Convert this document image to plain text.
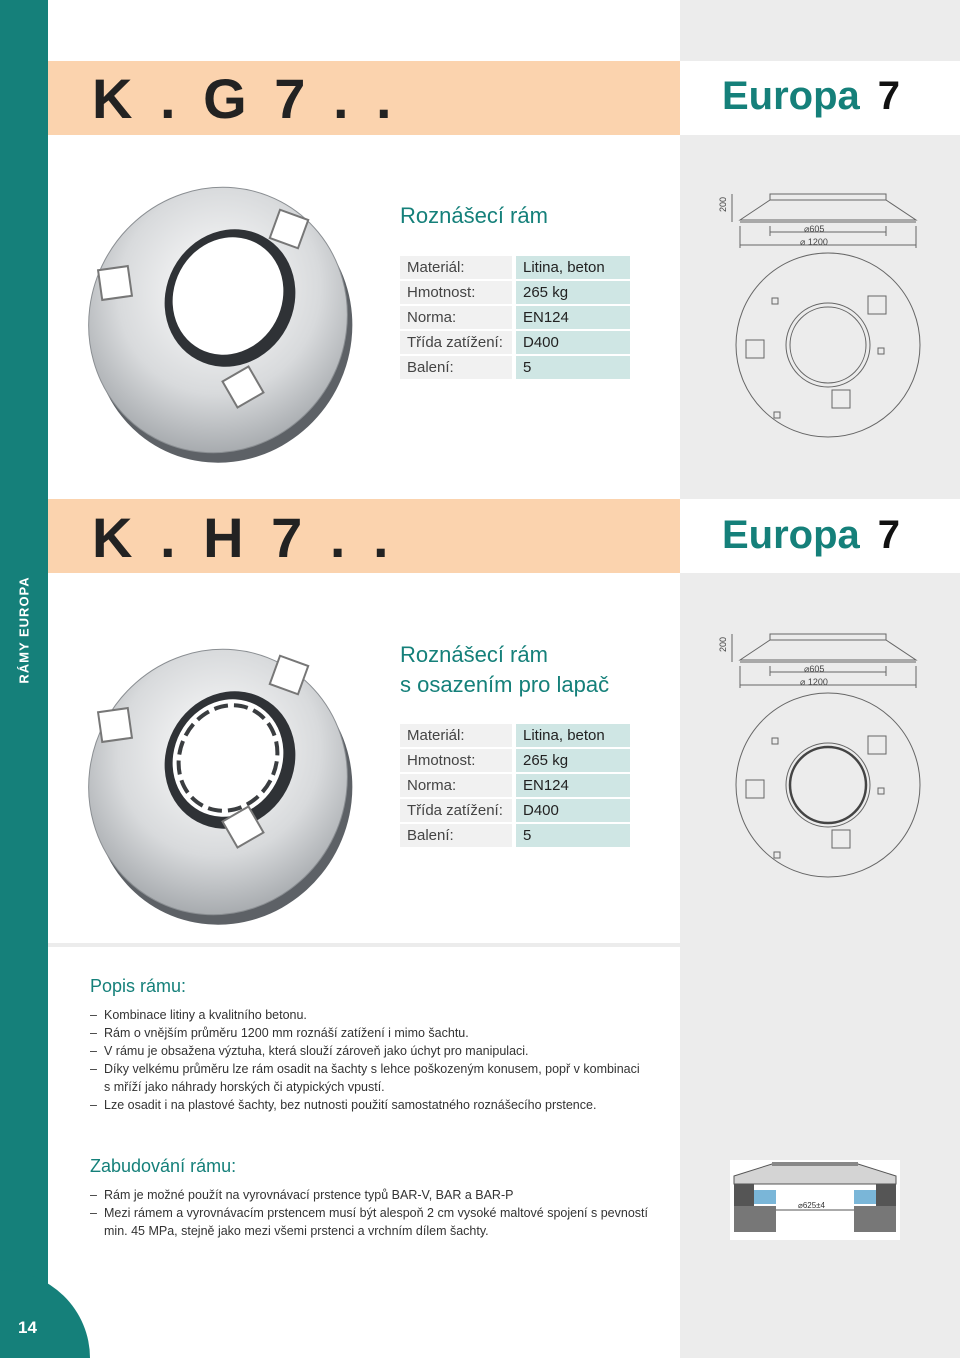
RÁMY EUROPA
14
K . G 7 . .	Europa 7
Roznášecí rám
Materiál:	Litina, beton
Hmotnost:	265 kg
Norma:	EN124
Třída zatížení:	D400
Balení:	5
200
⌀605
⌀ 1200
K . H 7 . .	Europa 7
Roznášecí rám
s osazením pro lapač
Materiál:	Litina, beton
Hmotnost:	265 kg
Norma:	EN124
Třída zatížení:	D400
Balení:	5
200
⌀605
⌀ 1200
Popis rámu:
– Kombinace litiny a kvalitního betonu.
– Rám o vnějším průměru 1200 mm roznáší zatížení i mimo šachtu.
– V rámu je obsažena výztuha, která slouží zároveň jako úchyt pro manipulaci.
– Díky velkému průměru lze rám osadit na šachty s lehce poškozeným konusem, popř v kombinaci
s mříží jako náhrady horských či atypických vpustí.
– Lze osadit i na plastové šachty, bez nutnosti použití samostatného roznášecího prstence.
Zabudování rámu:
– Rám je možné použít na vyrovnávací prstence typů BAR-V, BAR a BAR-P
– Mezi rámem a vyrovnávacím prstencem musí být alespoň 2 cm vysoké maltové spojení s pevností
min. 45 MPa, stejně jako mezi všemi prstenci a vrchním dílem šachty.
⌀625±4
